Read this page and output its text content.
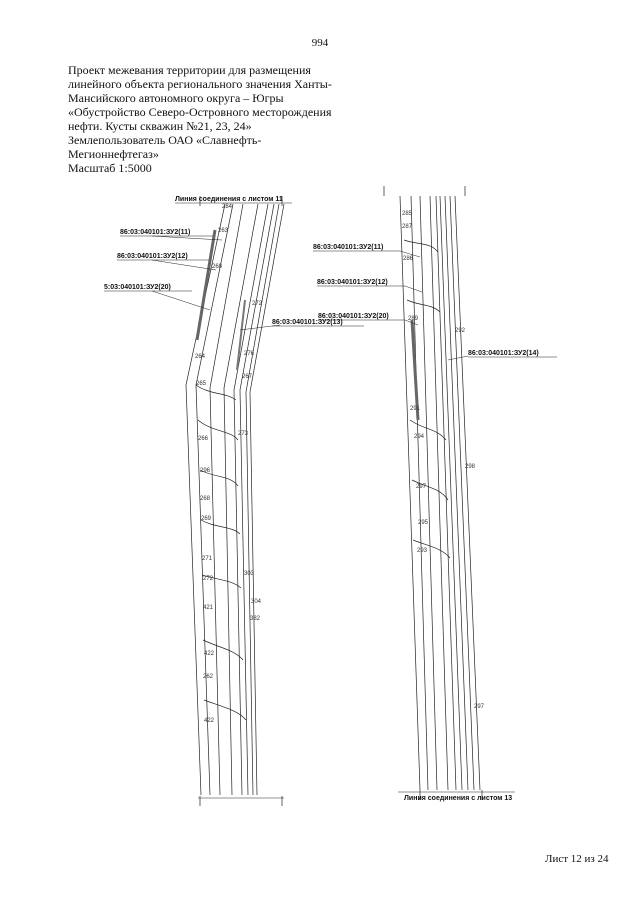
994
Проект межевания территории для размещения
линейного объекта регионального значения Ханты-
Мансийского автономного округа – Югры
«Обустройство Северо-Островного месторождения
нефти. Кусты скважин №21, 23, 24»
Землепользователь ОАО «Славнефть-
Мегионнефтегаз»
Масштаб 1:5000
Линия соединения с листом 11
86:03:040101:ЗУ2(11)
86:03:040101:ЗУ2(12)
5:03:040101:ЗУ2(20)
86:03:040101:ЗУ2(13)
284
263
268
272
276
264
267
265
273
266
296
268
269
271
303
272
304
382
421
422
262
422
86:03:040101:ЗУ2(11)
86:03:040101:ЗУ2(12)
86:03:040101:ЗУ2(20)
86:03:040101:ЗУ2(14)
Линия соединения с листом 13
285
287
286
289
292
291
294
298
297
295
293
297
Лист 12 из 24
